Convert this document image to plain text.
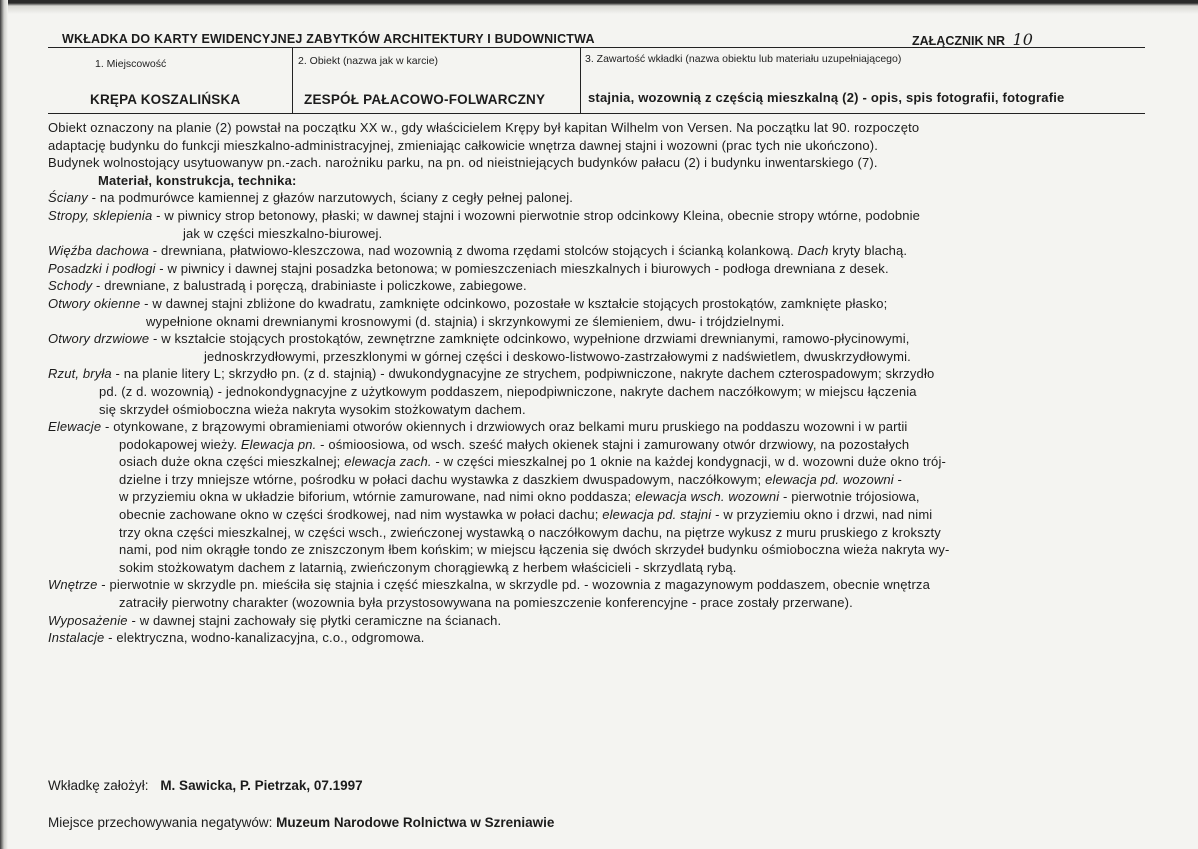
WKŁADKA DO KARTY EWIDENCYJNEJ ZABYTKÓW ARCHITEKTURY I BUDOWNICTWA	ZAŁĄCZNIK NR 10
1. Miejscowość
KRĘPA KOSZALIŃSKA
2. Obiekt (nazwa jak w karcie)
ZESPÓŁ PAŁACOWO-FOLWARCZNY
3. Zawartość wkładki (nazwa obiektu lub materiału uzupełniającego)
stajnia, wozownią z częścią mieszkalną (2) - opis, spis fotografii, fotografie

Obiekt oznaczony na planie (2) powstał na początku XX w., gdy właścicielem Krępy był kapitan Wilhelm von Versen. Na początku lat 90. rozpoczęto

adaptację budynku do funkcji mieszkalno-administracyjnej, zmieniając całkowicie wnętrza dawnej stajni i wozowni (prac tych nie ukończono).

Budynek wolnostojący usytuowanyw pn.-zach. narożniku parku, na pn. od nieistniejących budynków pałacu (2) i budynku inwentarskiego (7).

Materiał, konstrukcja, technika:

Ściany - na podmurówce kamiennej z głazów narzutowych, ściany z cegły pełnej palonej.

Stropy, sklepienia - w piwnicy strop betonowy, płaski; w dawnej stajni i wozowni pierwotnie strop odcinkowy Kleina, obecnie stropy wtórne, podobnie

jak w części mieszkalno-biurowej.

Więźba dachowa - drewniana, płatwiowo-kleszczowa, nad wozownią z dwoma rzędami stolców stojących i ścianką kolankową. Dach kryty blachą.

Posadzki i podłogi - w piwnicy i dawnej stajni posadzka betonowa; w pomieszczeniach mieszkalnych i biurowych - podłoga drewniana z desek.

Schody - drewniane, z balustradą i poręczą, drabiniaste i policzkowe, zabiegowe.

Otwory okienne - w dawnej stajni zbliżone do kwadratu, zamknięte odcinkowo, pozostałe w kształcie stojących prostokątów, zamknięte płasko;

wypełnione oknami drewnianymi krosnowymi (d. stajnia) i skrzynkowymi ze ślemieniem, dwu- i trójdzielnymi.

Otwory drzwiowe - w kształcie stojących prostokątów, zewnętrzne zamknięte odcinkowo, wypełnione drzwiami drewnianymi, ramowo-płycinowymi,

jednoskrzydłowymi, przeszklonymi w górnej części i deskowo-listwowo-zastrzałowymi z nadświetlem, dwuskrzydłowymi.

Rzut, bryła - na planie litery L; skrzydło pn. (z d. stajnią) - dwukondygnacyjne ze strychem, podpiwniczone, nakryte dachem czterospadowym; skrzydło

pd. (z d. wozownią) - jednokondygnacyjne z użytkowym poddaszem, niepodpiwniczone, nakryte dachem naczółkowym; w miejscu łączenia

się skrzydeł ośmioboczna wieża nakryta wysokim stożkowatym dachem.

Elewacje - otynkowane, z brązowymi obramieniami otworów okiennych i drzwiowych oraz belkami muru pruskiego na poddaszu wozowni i w partii

podokapowej wieży. Elewacja pn. - ośmioosiowa, od wsch. sześć małych okienek stajni i zamurowany otwór drzwiowy, na pozostałych

osiach duże okna części mieszkalnej; elewacja zach. - w części mieszkalnej po 1 oknie na każdej kondygnacji, w d. wozowni duże okno trój-

dzielne i trzy mniejsze wtórne, pośrodku w połaci dachu wystawka z daszkiem dwuspadowym, naczółkowym; elewacja pd. wozowni -

w przyziemiu okna w układzie biforium, wtórnie zamurowane, nad nimi okno poddasza; elewacja wsch. wozowni - pierwotnie trójosiowa,

obecnie zachowane okno w części środkowej, nad nim wystawka w połaci dachu; elewacja pd. stajni - w przyziemiu okno i drzwi, nad nimi

trzy okna części mieszkalnej, w części wsch., zwieńczonej wystawką o naczółkowym dachu, na piętrze wykusz z muru pruskiego z krokszty

nami, pod nim okrągłe tondo ze zniszczonym łbem końskim; w miejscu łączenia się dwóch skrzydeł budynku ośmioboczna wieża nakryta wy-

sokim stożkowatym dachem z latarnią, zwieńczonym chorągiewką z herbem właścicieli - skrzydlatą rybą.

Wnętrze - pierwotnie w skrzydle pn. mieściła się stajnia i część mieszkalna, w skrzydle pd. - wozownia z magazynowym poddaszem, obecnie wnętrza

zatraciły pierwotny charakter (wozownia była przystosowywana na pomieszczenie konferencyjne - prace zostały przerwane).

Wyposażenie - w dawnej stajni zachowały się płytki ceramiczne na ścianach.

Instalacje - elektryczna, wodno-kanalizacyjna, c.o., odgromowa.

Wkładkę założył: M. Sawicka, P. Pietrzak, 07.1997
Miejsce przechowywania negatywów: Muzeum Narodowe Rolnictwa w Szreniawie
